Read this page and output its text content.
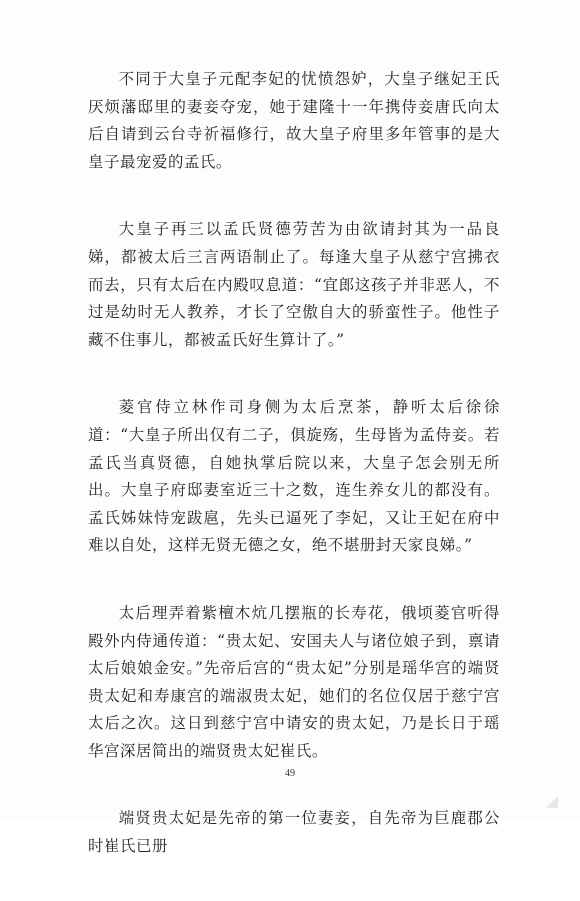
不同于大皇子元配李妃的忧愤怨妒，大皇子继妃王氏厌烦藩邸里的妻妾夺宠，她于建隆十一年携侍妾唐氏向太后自请到云台寺祈福修行，故大皇子府里多年管事的是大皇子最宠爱的孟氏。

大皇子再三以孟氏贤德劳苦为由欲请封其为一品良娣，都被太后三言两语制止了。每逢大皇子从慈宁宫拂衣而去，只有太后在内殿叹息道：“宜郎这孩子并非恶人，不过是幼时无人教养，才长了空傲自大的骄蛮性子。他性子藏不住事儿，都被孟氏好生算计了。”

菱官侍立林作司身侧为太后烹茶，静听太后徐徐道：“大皇子所出仅有二子，俱旋殇，生母皆为孟侍妾。若孟氏当真贤德，自她执掌后院以来，大皇子怎会别无所出。大皇子府邸妻室近三十之数，连生养女儿的都没有。孟氏姊妹恃宠跋扈，先头已逼死了李妃，又让王妃在府中难以自处，这样无贤无德之女，绝不堪册封天家良娣。”

太后理弄着紫檀木炕几摆瓶的长寿花，俄顷菱官听得殿外内侍通传道：“贵太妃、安国夫人与诸位娘子到，禀请太后娘娘金安。”先帝后宫的“贵太妃”分别是瑶华宫的端贤贵太妃和寿康宫的端淑贵太妃，她们的名位仅居于慈宁宫太后之次。这日到慈宁宫中请安的贵太妃，乃是长日于瑶华宫深居简出的端贤贵太妃崔氏。

端贤贵太妃是先帝的第一位妻妾，自先帝为巨鹿郡公时崔氏已册

49
